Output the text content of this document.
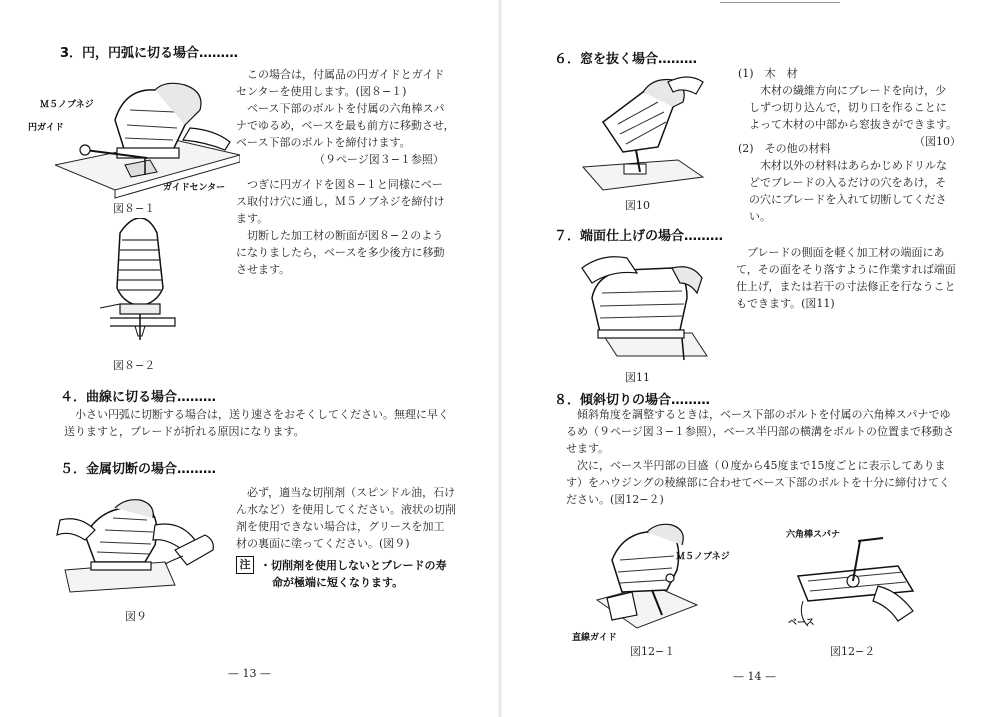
3．円，円弧に切る場合………
Ｍ５ノブネジ
円ガイド
ガイドセンター
図８−１
この場合は，付属品の円ガイドとガイド
センターを使用します。(図８−１)
ベース下部のボルトを付属の六角棒スパ
ナでゆるめ，ベースを最も前方に移動させ，
ベース下部のボルトを締付けます。
（９ページ図３−１参照）
つぎに円ガイドを図８−１と同様にベー
ス取付け穴に通し，Ｍ５ノブネジを締付け
ます。
切断した加工材の断面が図８−２のよう
になりましたら，ベースを多少後方に移動
させます。
図８−２
４．曲線に切る場合………
小さい円弧に切断する場合は，送り速さをおそくしてください。無理に早く
送りますと，ブレードが折れる原因になります。
５．金属切断の場合………
図９
必ず，適当な切削剤（スピンドル油，石け
ん水など）を使用してください。液状の切削
剤を使用できない場合は，グリースを加工
材の裏面に塗ってください。(図９)
注 ・切削剤を使用しないとブレードの寿
命が極端に短くなります。
— 13 —
６．窓を抜く場合………
図10
(1)　木　材
木材の繊維方向にブレードを向け，少
しずつ切り込んで，切り口を作ることに
よって木材の中部から窓抜きができます。
（図10）
(2)　その他の材料
木材以外の材料はあらかじめドリルな
どでブレードの入るだけの穴をあけ，そ
の穴にブレードを入れて切断してくださ
い。
７．端面仕上げの場合………
図11
ブレードの側面を軽く加工材の端面にあ
て，その面をそり落すように作業すれば端面
仕上げ，または若干の寸法修正を行なうこと
もできます。(図11)
８．傾斜切りの場合………
傾斜角度を調整するときは，ベース下部のボルトを付属の六角棒スパナでゆ
るめ（９ページ図３−１参照），ベース半円部の横溝をボルトの位置まで移動さ
せます。
次に，ベース半円部の目盛（０度から45度まで15度ごとに表示してありま
す）をハウジングの稜線部に合わせてベース下部のボルトを十分に締付けてく
ださい。(図12−２)
Ｍ５ノブネジ
直線ガイド
図12−１
六角棒スパナ
ベース
図12−２
— 14 —
